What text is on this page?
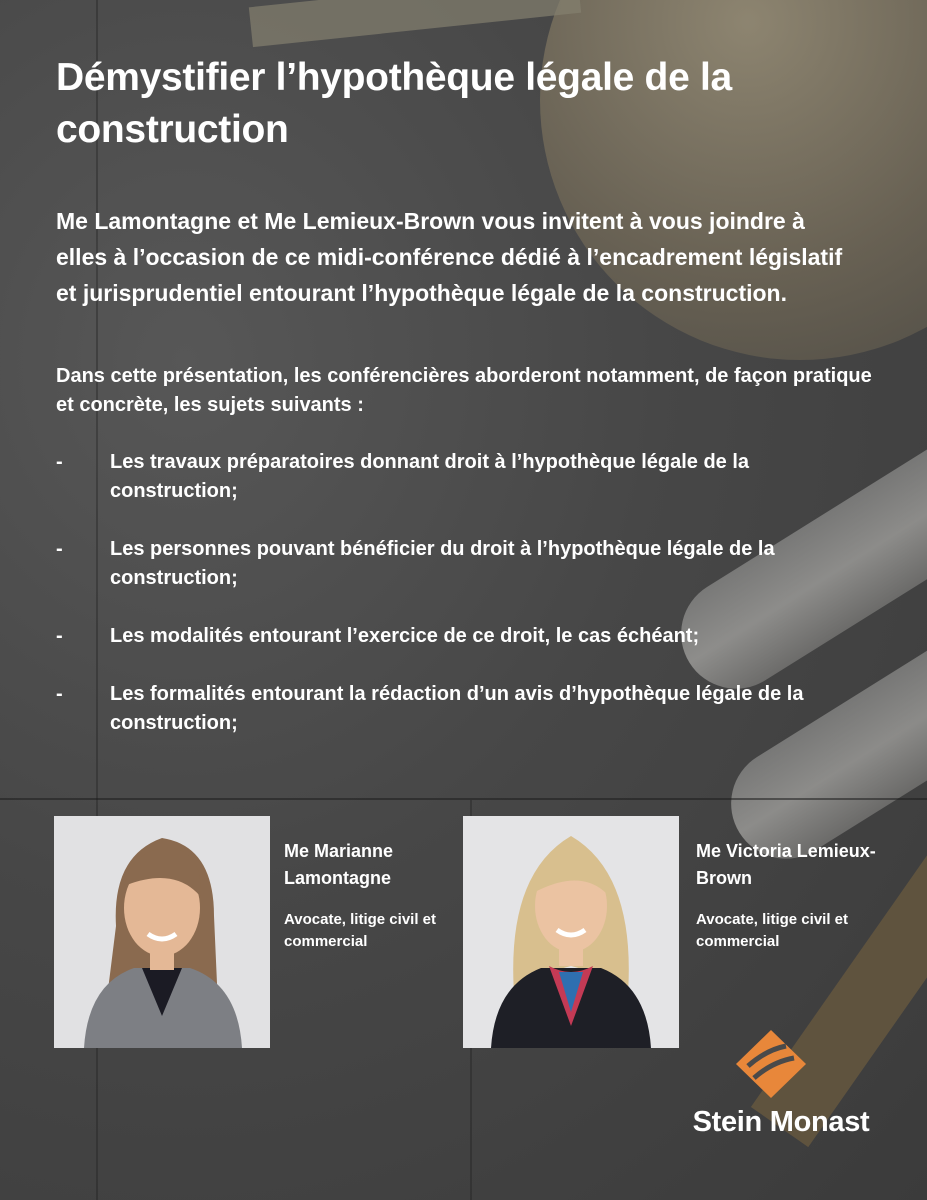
Démystifier l’hypothèque légale de la construction

Me Lamontagne et Me Lemieux-Brown vous invitent à vous joindre à elles à l’occasion de ce midi-conférence dédié à l’encadrement législatif et jurisprudentiel entourant l’hypothèque légale de la construction.

Dans cette présentation, les conférencières aborderont notamment, de façon pratique et concrète, les sujets suivants :

- Les travaux préparatoires donnant droit à l’hypothèque légale de la construction;
- Les personnes pouvant bénéficier du droit à l’hypothèque légale de la construction;
- Les modalités entourant l’exercice de ce droit, le cas échéant;
- Les formalités entourant la rédaction d’un avis d’hypothèque légale de la construction;
Me Marianne Lamontagne
Avocate, litige civil et commercial
Me Victoria Lemieux- Brown
Avocate, litige civil et commercial
Stein Monast
